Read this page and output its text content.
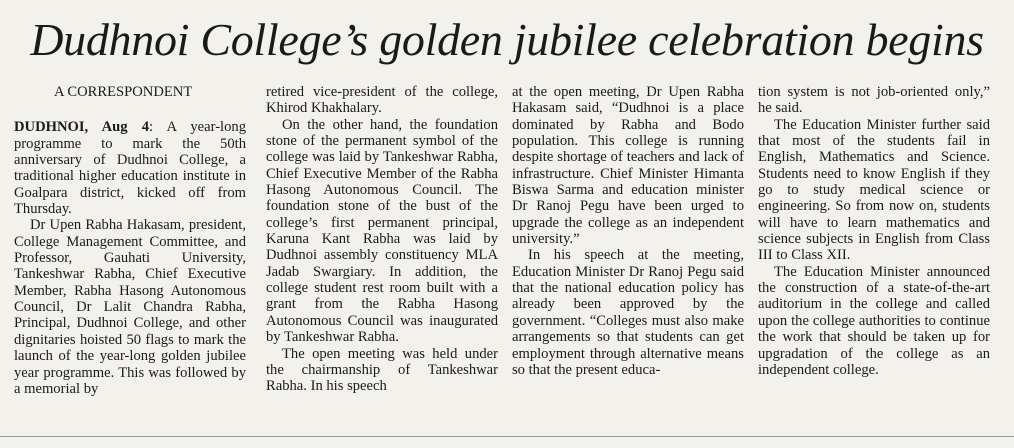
Dudhnoi College’s golden jubilee celebration begins

A CORRESPONDENT

DUDHNOI, Aug 4: A year-long programme to mark the 50th anniversary of Dudhnoi College, a traditional higher education institute in Goalpara district, kicked off from Thursday.

Dr Upen Rabha Hakasam, president, College Management Committee, and Professor, Gauhati University, Tankeshwar Rabha, Chief Executive Member, Rabha Hasong Autonomous Council, Dr Lalit Chandra Rabha, Principal, Dudhnoi College, and other dignitaries hoisted 50 flags to mark the launch of the year-long golden jubilee year programme. This was followed by a memorial by

retired vice-president of the college, Khirod Khakhalary.

On the other hand, the foundation stone of the permanent symbol of the college was laid by Tankeshwar Rabha, Chief Executive Member of the Rabha Hasong Autonomous Council. The foundation stone of the bust of the college’s first permanent principal, Karuna Kant Rabha was laid by Dudhnoi assembly constituency MLA Jadab Swargiary. In addition, the college student rest room built with a grant from the Rabha Hasong Autonomous Council was inaugurated by Tankeshwar Rabha.

The open meeting was held under the chairmanship of Tankeshwar Rabha. In his speech

at the open meeting, Dr Upen Rabha Hakasam said, “Dudhnoi is a place dominated by Rabha and Bodo population. This college is running despite shortage of teachers and lack of infrastructure. Chief Minister Himanta Biswa Sarma and education minister Dr Ranoj Pegu have been urged to upgrade the college as an independent university.”

In his speech at the meeting, Education Minister Dr Ranoj Pegu said that the national education policy has already been approved by the government. “Colleges must also make arrangements so that students can get employment through alternative means so that the present educa-

tion system is not job-oriented only,” he said.

The Education Minister further said that most of the students fail in English, Mathematics and Science. Students need to know English if they go to study medical science or engineering. So from now on, students will have to learn mathematics and science subjects in English from Class III to Class XII.

The Education Minister announced the construction of a state-of-the-art auditorium in the college and called upon the college authorities to continue the work that should be taken up for upgradation of the college as an independent college.
